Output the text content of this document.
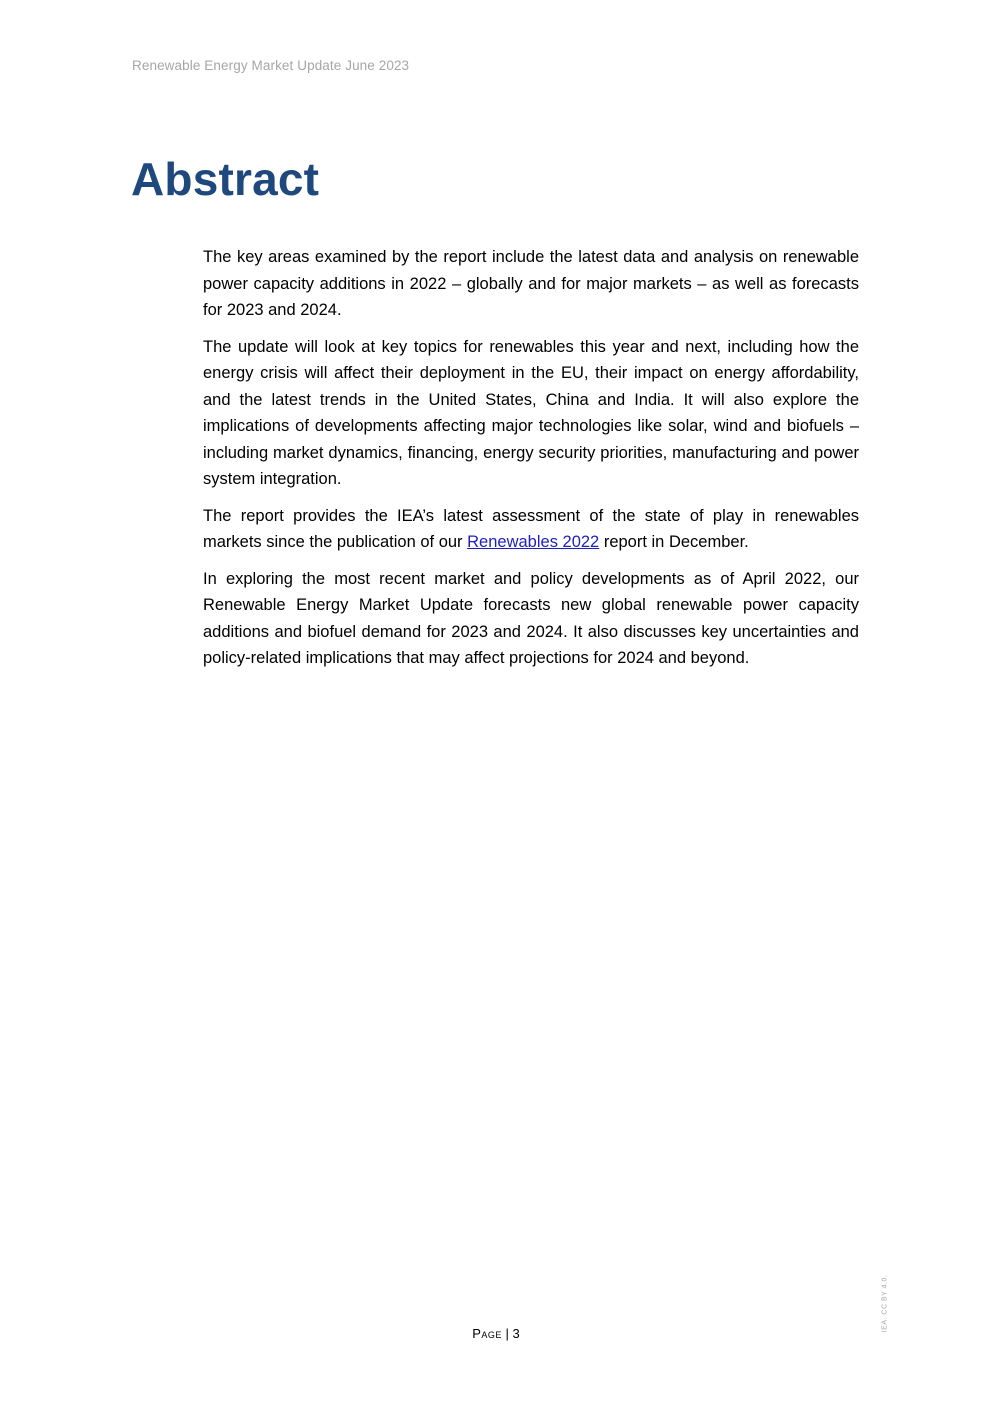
Renewable Energy Market Update June 2023
Abstract

The key areas examined by the report include the latest data and analysis on renewable power capacity additions in 2022 – globally and for major markets – as well as forecasts for 2023 and 2024.

The update will look at key topics for renewables this year and next, including how the energy crisis will affect their deployment in the EU, their impact on energy affordability, and the latest trends in the United States, China and India. It will also explore the implications of developments affecting major technologies like solar, wind and biofuels – including market dynamics, financing, energy security priorities, manufacturing and power system integration.

The report provides the IEA’s latest assessment of the state of play in renewables markets since the publication of our Renewables 2022 report in December.

In exploring the most recent market and policy developments as of April 2022, our Renewable Energy Market Update forecasts new global renewable power capacity additions and biofuel demand for 2023 and 2024. It also discusses key uncertainties and policy-related implications that may affect projections for 2024 and beyond.

IEA. CC BY 4.0.
Page | 3
